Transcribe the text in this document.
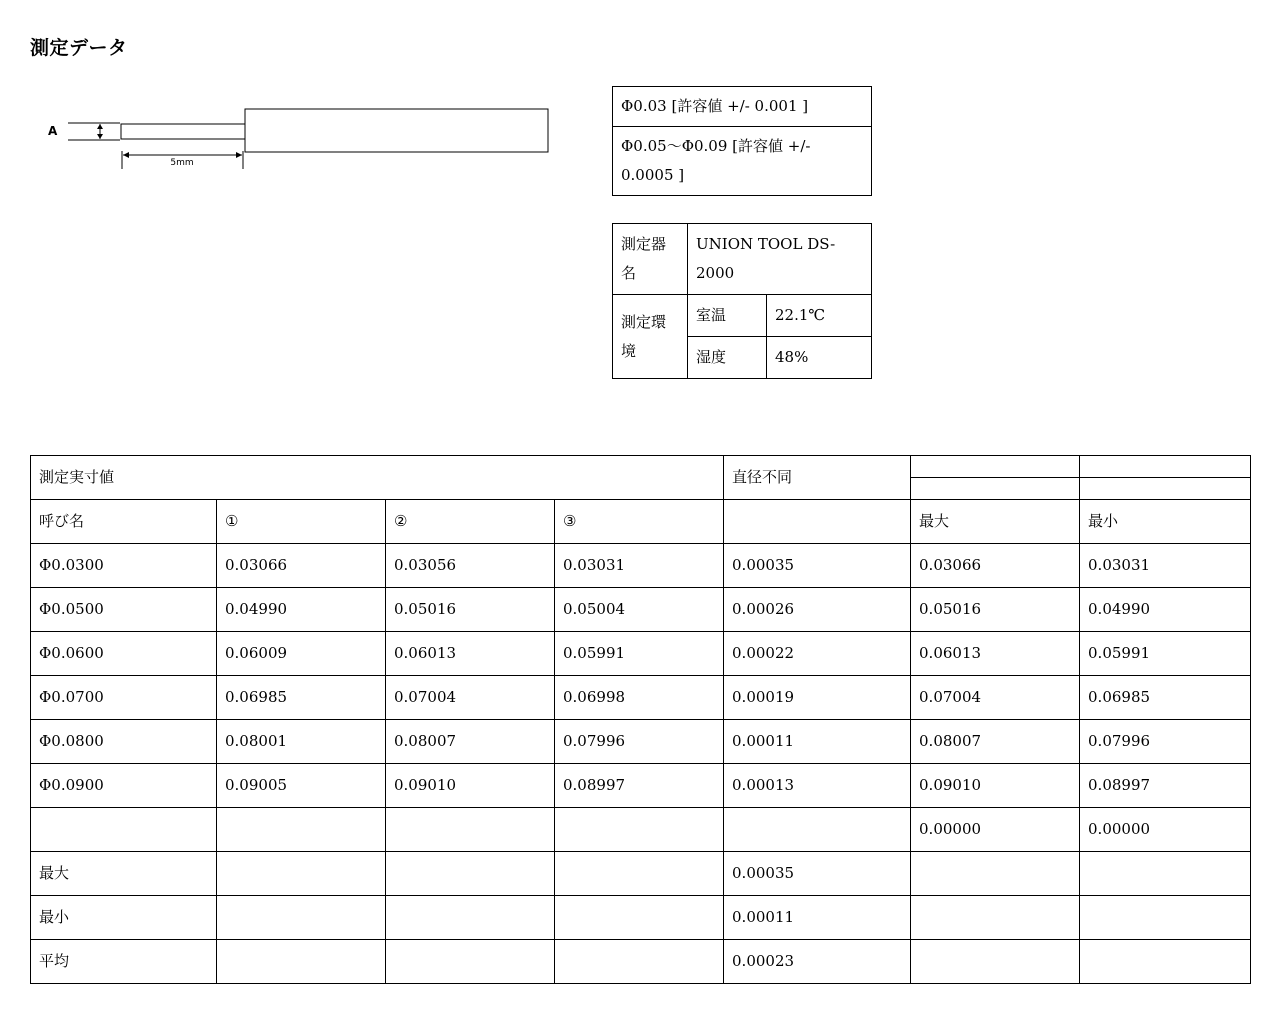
測定データ
A
5mm
Φ0.03 [許容値 +/- 0.001 ]
Φ0.05～Φ0.09 [許容値 +/- 0.0005 ]
測定器名	UNION TOOL DS-2000	
測定環境	室温	22.1℃
	湿度	48%
測定実寸値				直径不同		

呼び名	①	②	③		最大	最小
Φ0.0300	0.03066	0.03056	0.03031	0.00035	0.03066	0.03031
Φ0.0500	0.04990	0.05016	0.05004	0.00026	0.05016	0.04990
Φ0.0600	0.06009	0.06013	0.05991	0.00022	0.06013	0.05991
Φ0.0700	0.06985	0.07004	0.06998	0.00019	0.07004	0.06985
Φ0.0800	0.08001	0.08007	0.07996	0.00011	0.08007	0.07996
Φ0.0900	0.09005	0.09010	0.08997	0.00013	0.09010	0.08997
					0.00000	0.00000
最大				0.00035		
最小				0.00011		
平均				0.00023		
